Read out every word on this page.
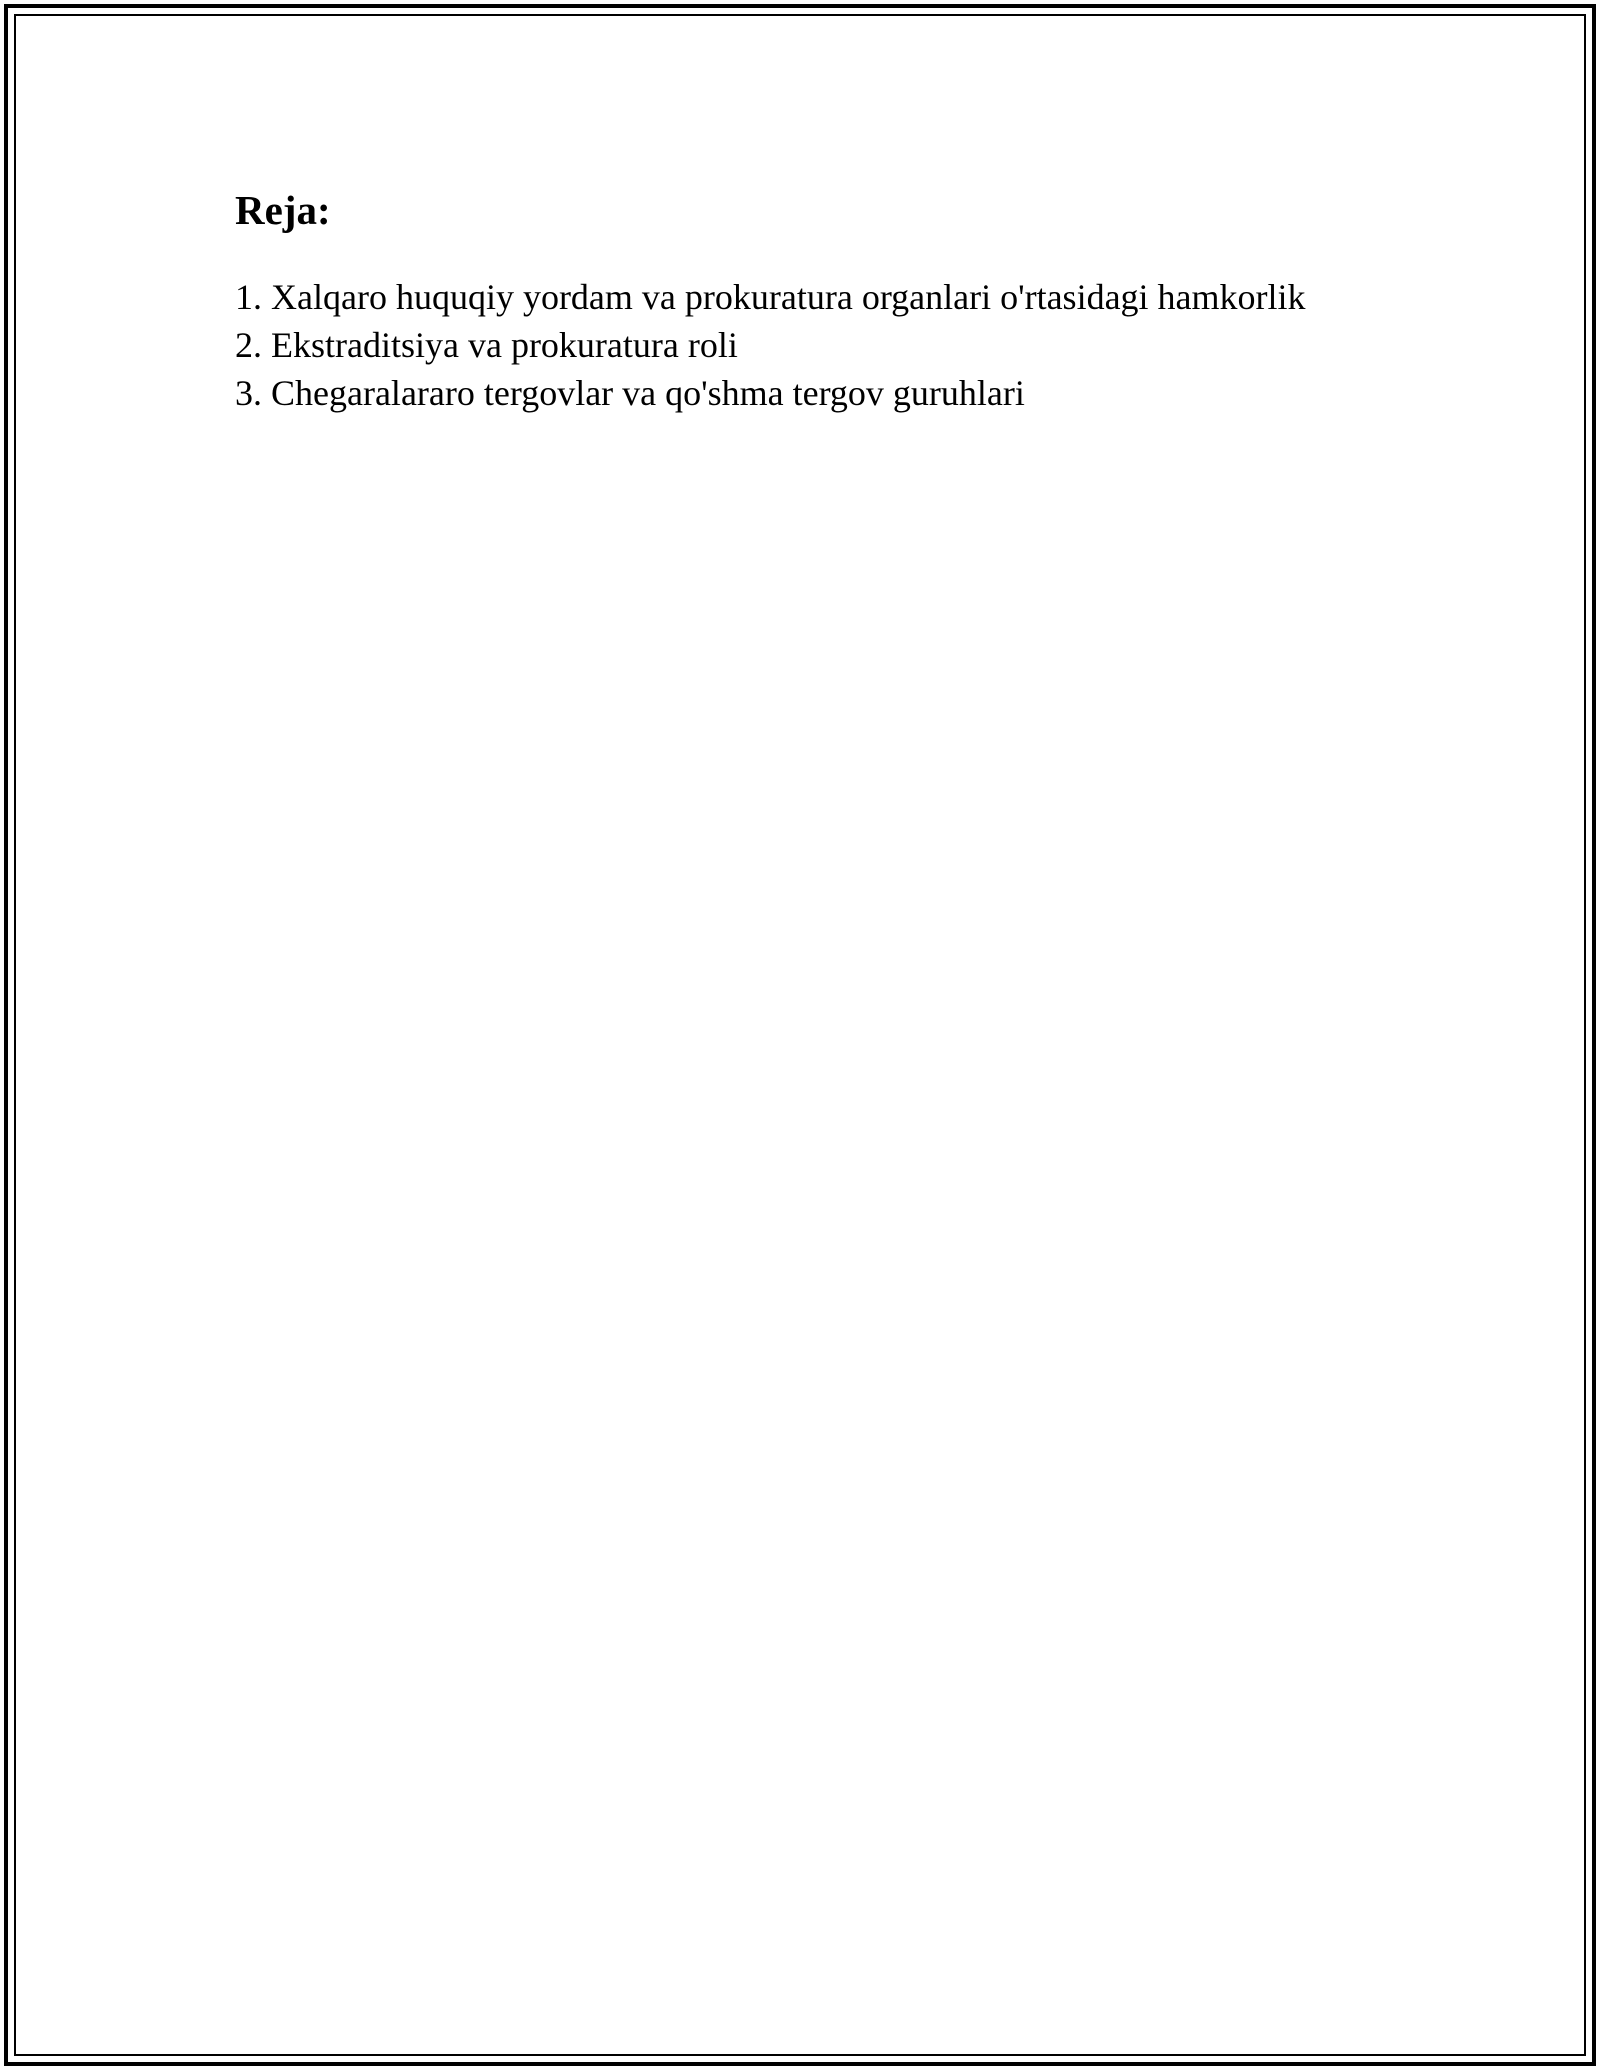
Reja:
1. Xalqaro huquqiy yordam va prokuratura organlari o'rtasidagi hamkorlik
2. Ekstraditsiya va prokuratura roli
3. Chegaralararo tergovlar va qo'shma tergov guruhlari
